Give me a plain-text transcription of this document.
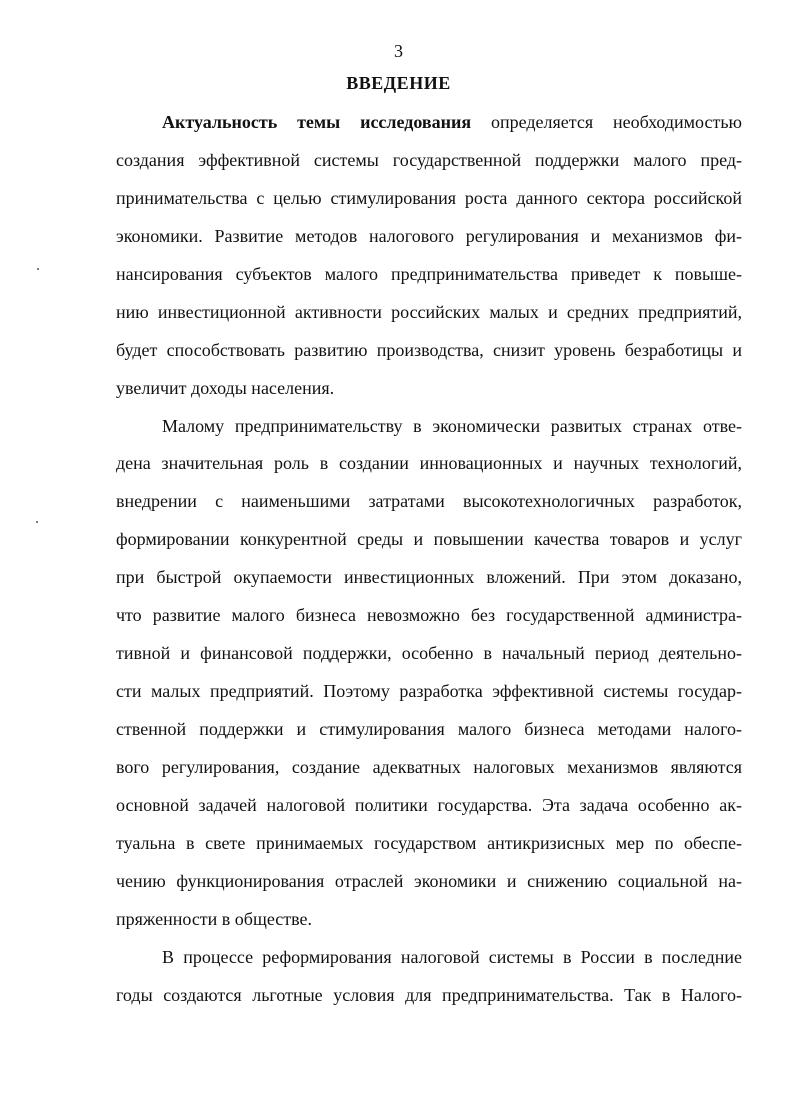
3
ВВЕДЕНИЕ
Актуальность темы исследования определяется необходимостью
создания эффективной системы государственной поддержки малого пред-
принимательства с целью стимулирования роста данного сектора российской
экономики. Развитие методов налогового регулирования и механизмов фи-
нансирования субъектов малого предпринимательства приведет к повыше-
нию инвестиционной активности российских малых и средних предприятий,
будет способствовать развитию производства, снизит уровень безработицы и
увеличит доходы населения.
Малому предпринимательству в экономически развитых странах отве-
дена значительная роль в создании инновационных и научных технологий,
внедрении с наименьшими затратами высокотехнологичных разработок,
формировании конкурентной среды и повышении качества товаров и услуг
при быстрой окупаемости инвестиционных вложений. При этом доказано,
что развитие малого бизнеса невозможно без государственной администра-
тивной и финансовой поддержки, особенно в начальный период деятельно-
сти малых предприятий. Поэтому разработка эффективной системы государ-
ственной поддержки и стимулирования малого бизнеса методами налого-
вого регулирования, создание адекватных налоговых механизмов являются
основной задачей налоговой политики государства. Эта задача особенно ак-
туальна в свете принимаемых государством антикризисных мер по обеспе-
чению функционирования отраслей экономики и снижению социальной на-
пряженности в обществе.
В процессе реформирования налоговой системы в России в последние
годы создаются льготные условия для предпринимательства. Так в Налого-
